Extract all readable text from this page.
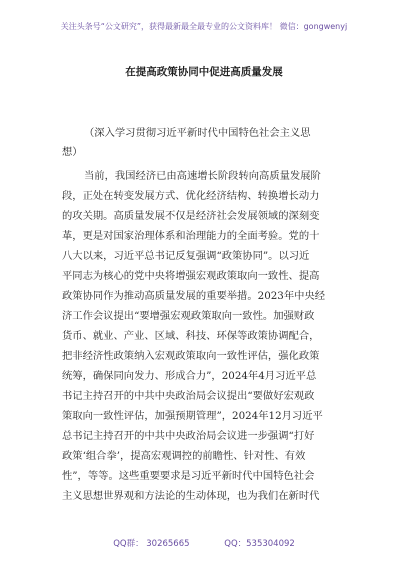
关注头条号“公文研究”，获得最新最全最专业的公文资料库！ 微信：gongwenyj
在提高政策协同中促进高质量发展
（深入学习贯彻习近平新时代中国特色社会主义思
想）
当前，我国经济已由高速增长阶段转向高质量发展阶
段，正处在转变发展方式、优化经济结构、转换增长动力
的攻关期。高质量发展不仅是经济社会发展领域的深刻变
革，更是对国家治理体系和治理能力的全面考验。党的十
八大以来，习近平总书记反复强调“政策协同”。以习近
平同志为核心的党中央将增强宏观政策取向一致性、提高
政策协同作为推动高质量发展的重要举措。2023年中央经
济工作会议提出“要增强宏观政策取向一致性。加强财政
货币、就业、产业、区域、科技、环保等政策协调配合，
把非经济性政策纳入宏观政策取向一致性评估，强化政策
统筹，确保同向发力、形成合力”，2024年4月习近平总
书记主持召开的中共中央政治局会议提出“要做好宏观政
策取向一致性评估，加强预期管理”，2024年12月习近平
总书记主持召开的中共中央政治局会议进一步强调“打好
政策‘组合拳’，提高宏观调控的前瞻性、针对性、有效
性”，等等。这些重要要求是习近平新时代中国特色社会
主义思想世界观和方法论的生动体现，也为我们在新时代
QQ群： 30265665	QQ：535304092
